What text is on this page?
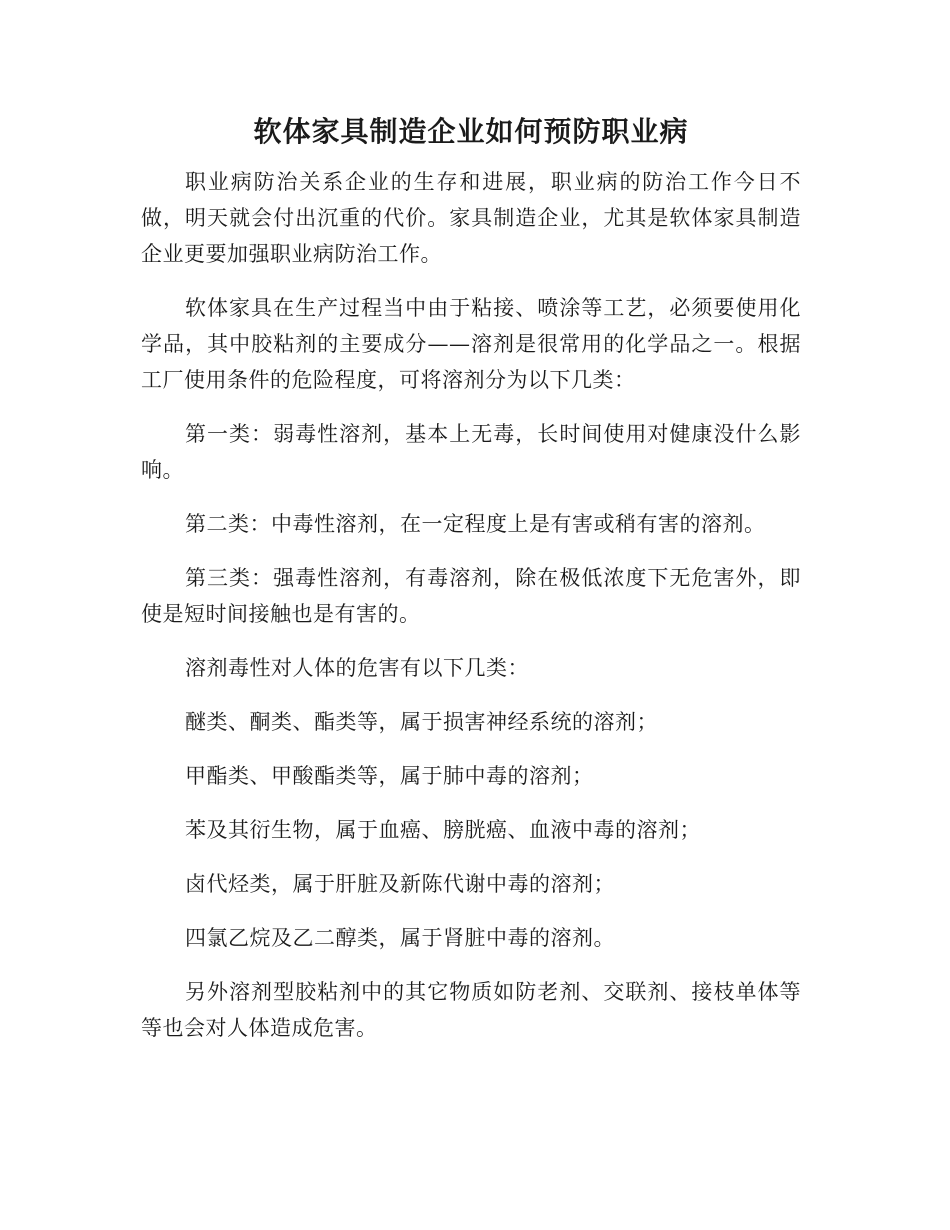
软体家具制造企业如何预防职业病

职业病防治关系企业的生存和进展，职业病的防治工作今日不做，明天就会付出沉重的代价。家具制造企业，尤其是软体家具制造企业更要加强职业病防治工作。

软体家具在生产过程当中由于粘接、喷涂等工艺，必须要使用化学品，其中胶粘剂的主要成分——溶剂是很常用的化学品之一。根据工厂使用条件的危险程度，可将溶剂分为以下几类：

第一类：弱毒性溶剂，基本上无毒，长时间使用对健康没什么影响。

第二类：中毒性溶剂，在一定程度上是有害或稍有害的溶剂。

第三类：强毒性溶剂，有毒溶剂，除在极低浓度下无危害外，即使是短时间接触也是有害的。

溶剂毒性对人体的危害有以下几类：

醚类、酮类、酯类等，属于损害神经系统的溶剂；

甲酯类、甲酸酯类等，属于肺中毒的溶剂；

苯及其衍生物，属于血癌、膀胱癌、血液中毒的溶剂；

卤代烃类，属于肝脏及新陈代谢中毒的溶剂；

四氯乙烷及乙二醇类，属于肾脏中毒的溶剂。

另外溶剂型胶粘剂中的其它物质如防老剂、交联剂、接枝单体等等也会对人体造成危害。
